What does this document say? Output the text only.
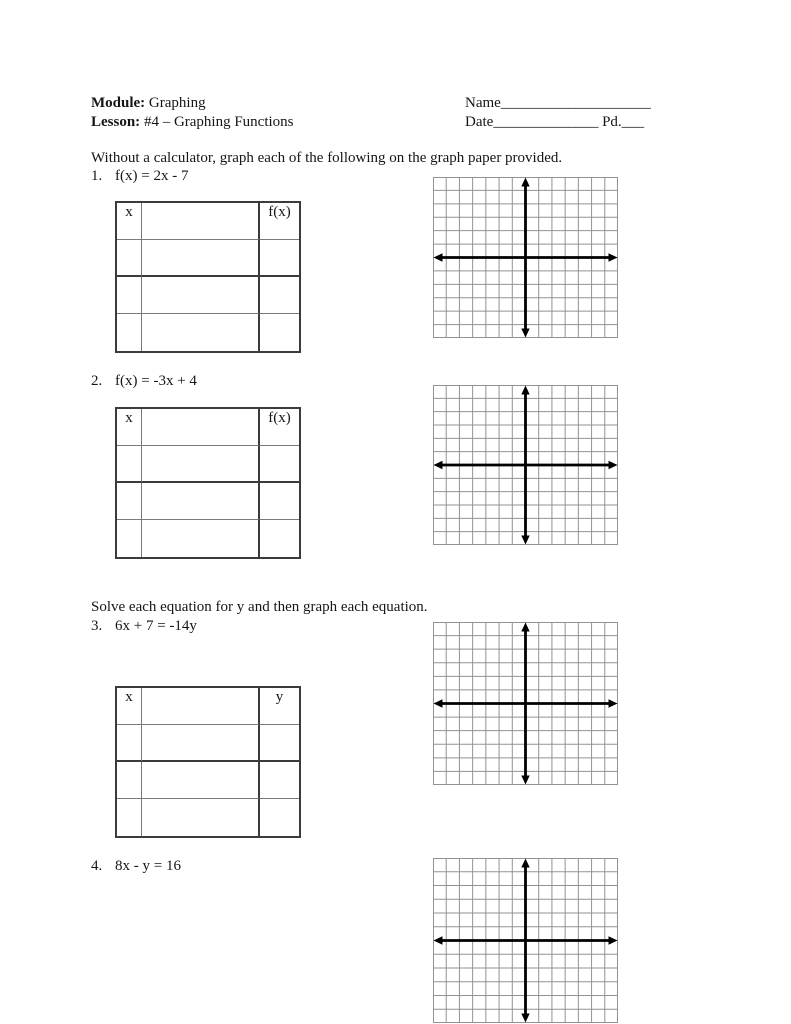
Module: Graphing
Lesson: #4 – Graphing Functions
Name____________________
Date______________ Pd.___
Without a calculator, graph each of the following on the graph paper provided.
1. f(x) = 2x - 7
x	f(x)
2. f(x) = -3x + 4
x	f(x)
Solve each equation for y and then graph each equation.
3. 6x + 7 = -14y
x	y
4. 8x - y = 16
